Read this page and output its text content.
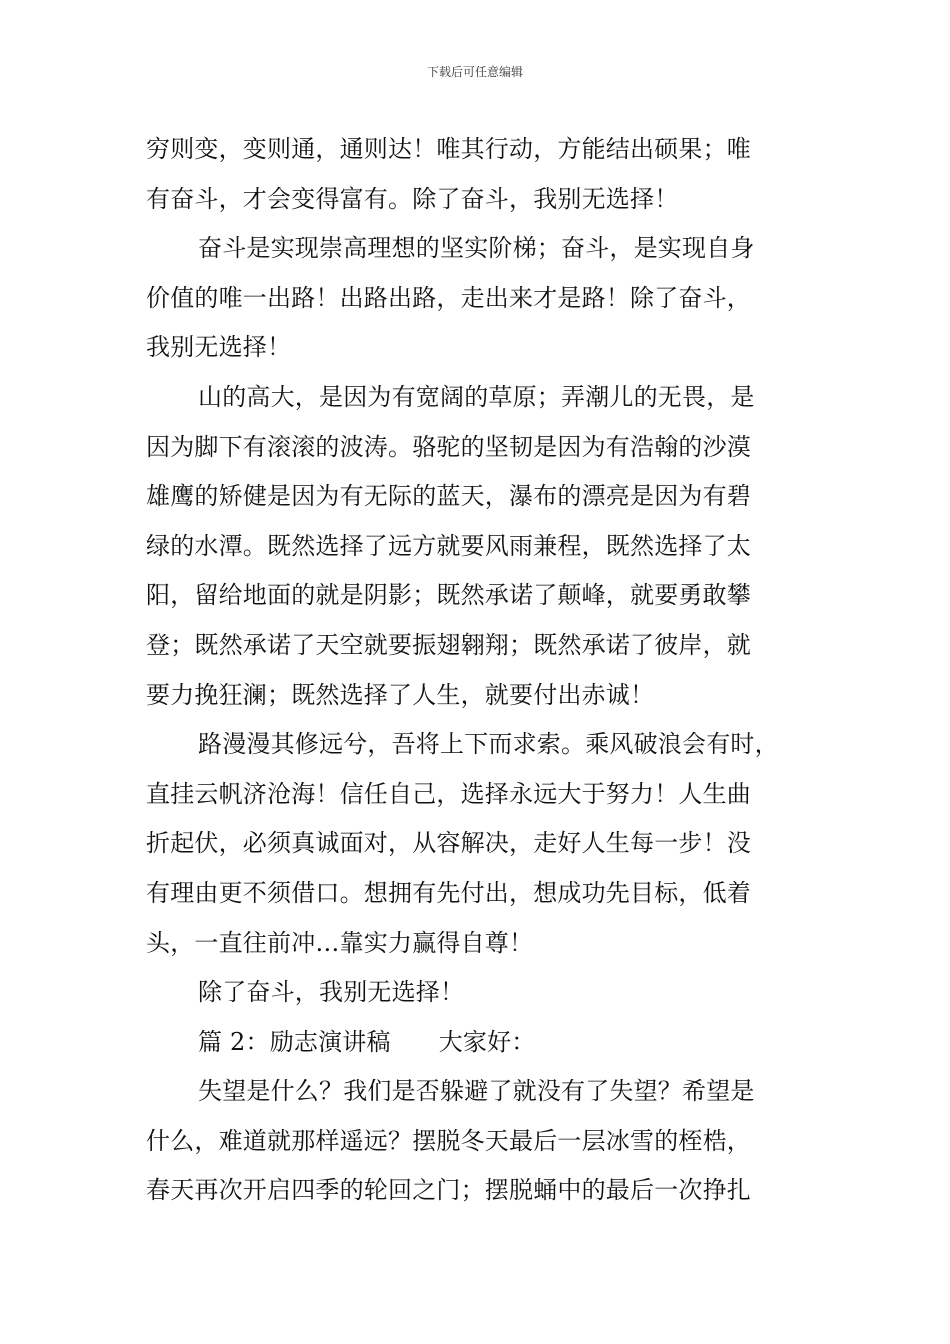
下载后可任意编辑
穷则变，变则通，通则达！唯其行动，方能结出硕果；唯
有奋斗，才会变得富有。除了奋斗，我别无选择！
奋斗是实现崇高理想的坚实阶梯；奋斗，是实现自身
价值的唯一出路！出路出路，走出来才是路！除了奋斗，
我别无选择！
山的高大，是因为有宽阔的草原；弄潮儿的无畏，是
因为脚下有滚滚的波涛。骆驼的坚韧是因为有浩翰的沙漠
雄鹰的矫健是因为有无际的蓝天，瀑布的漂亮是因为有碧
绿的水潭。既然选择了远方就要风雨兼程，既然选择了太
阳，留给地面的就是阴影；既然承诺了颠峰，就要勇敢攀
登；既然承诺了天空就要振翅翱翔；既然承诺了彼岸，就
要力挽狂澜；既然选择了人生，就要付出赤诚！
路漫漫其修远兮，吾将上下而求索。乘风破浪会有时，
直挂云帆济沧海！信任自己，选择永远大于努力！人生曲
折起伏，必须真诚面对，从容解决，走好人生每一步！没
有理由更不须借口。想拥有先付出，想成功先目标，低着
头，一直往前冲…靠实力赢得自尊！
除了奋斗，我别无选择！
篇 2：励志演讲稿 大家好：
失望是什么？我们是否躲避了就没有了失望？希望是
什么，难道就那样遥远？摆脱冬天最后一层冰雪的桎梏，
春天再次开启四季的轮回之门；摆脱蛹中的最后一次挣扎
